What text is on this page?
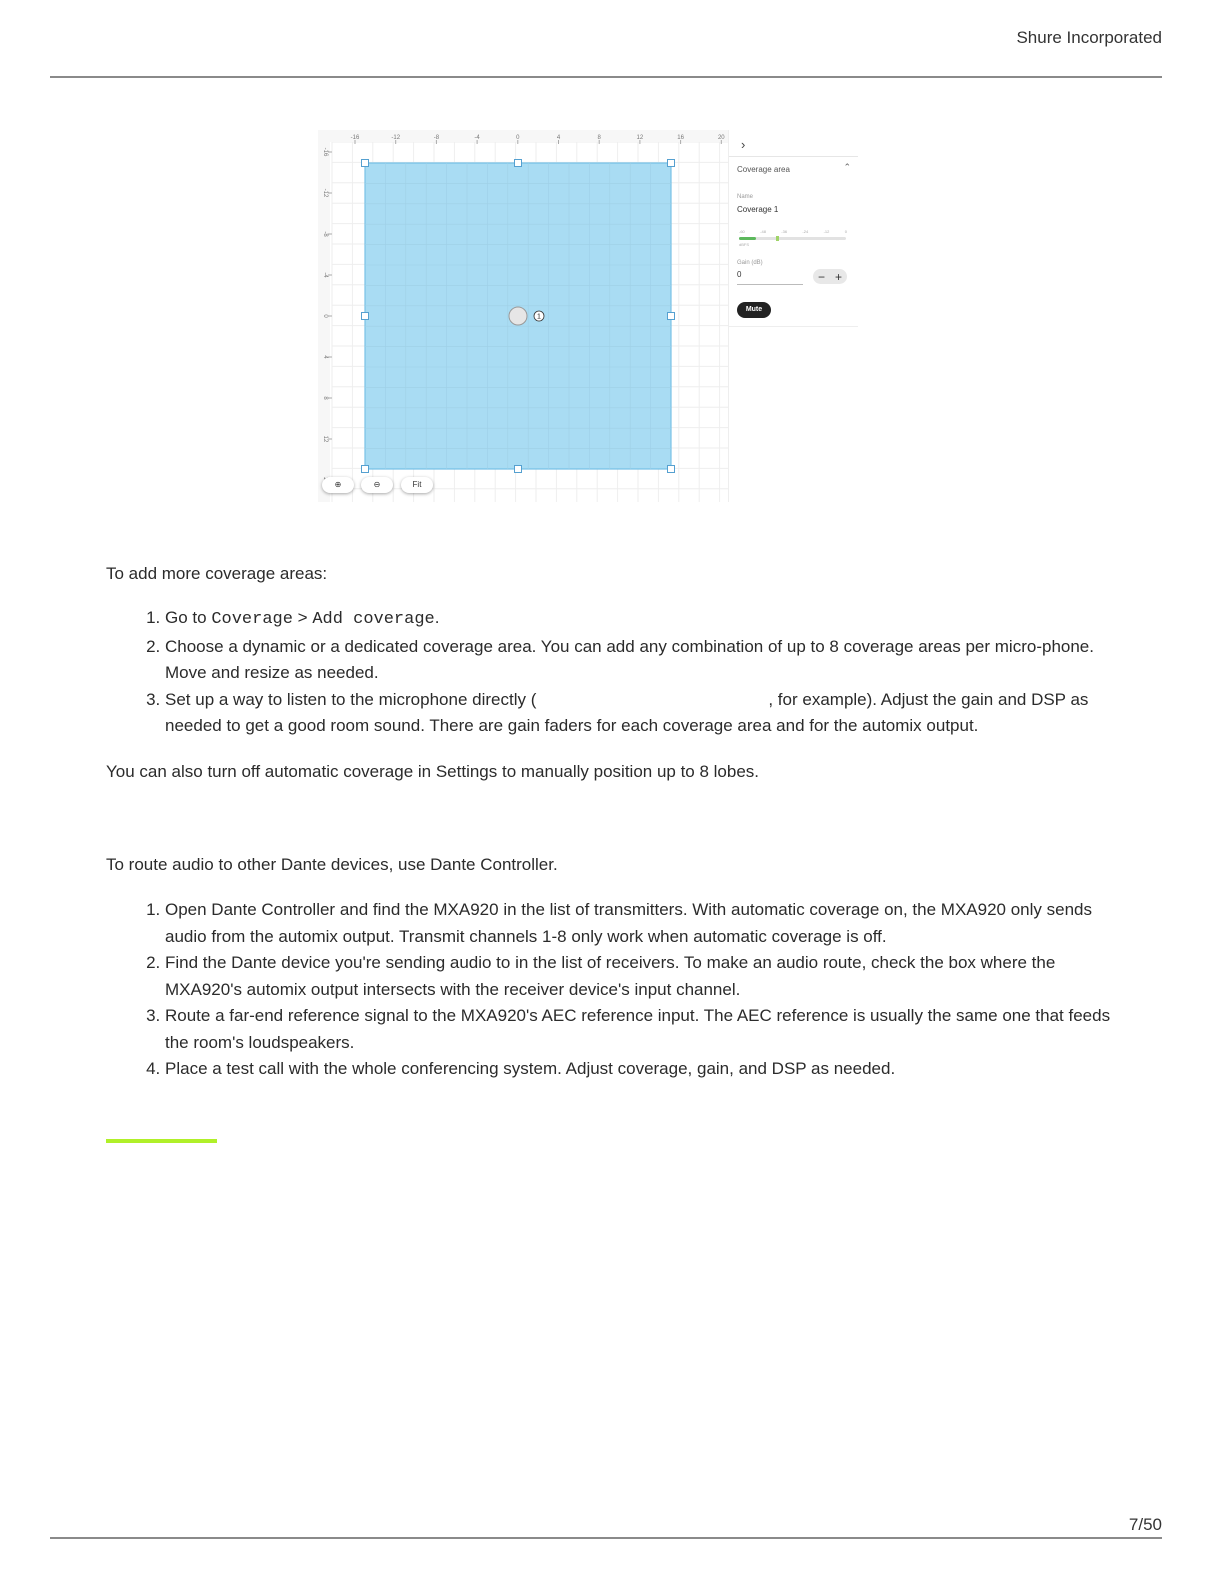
Shure Incorporated
-16	-12	-8	-4	0	4	8	12	16	20
-16
-12
-8
-4
0
4
8
12
1
⊕	⊖	Fit
›
Coverage area	⌃
Name
Coverage 1
-60	-48	-36	-24	-12	0
dBFS
Gain (dB)
0	− +
Mute
To add more coverage areas:
1. Go to Coverage > Add coverage.
2. Choose a dynamic or a dedicated coverage area. You can add any combination of up to 8 coverage areas per micro-phone. Move and resize as needed.
3. Set up a way to listen to the microphone directly (	, for example). Adjust the gain and DSP as needed to get a good room sound. There are gain faders for each coverage area and for the automix output.
You can also turn off automatic coverage in Settings to manually position up to 8 lobes.
To route audio to other Dante devices, use Dante Controller.
1. Open Dante Controller and find the MXA920 in the list of transmitters. With automatic coverage on, the MXA920 only sends audio from the automix output. Transmit channels 1-8 only work when automatic coverage is off.
2. Find the Dante device you're sending audio to in the list of receivers. To make an audio route, check the box where the MXA920's automix output intersects with the receiver device's input channel.
3. Route a far-end reference signal to the MXA920's AEC reference input. The AEC reference is usually the same one that feeds the room's loudspeakers.
4. Place a test call with the whole conferencing system. Adjust coverage, gain, and DSP as needed.
7/50
